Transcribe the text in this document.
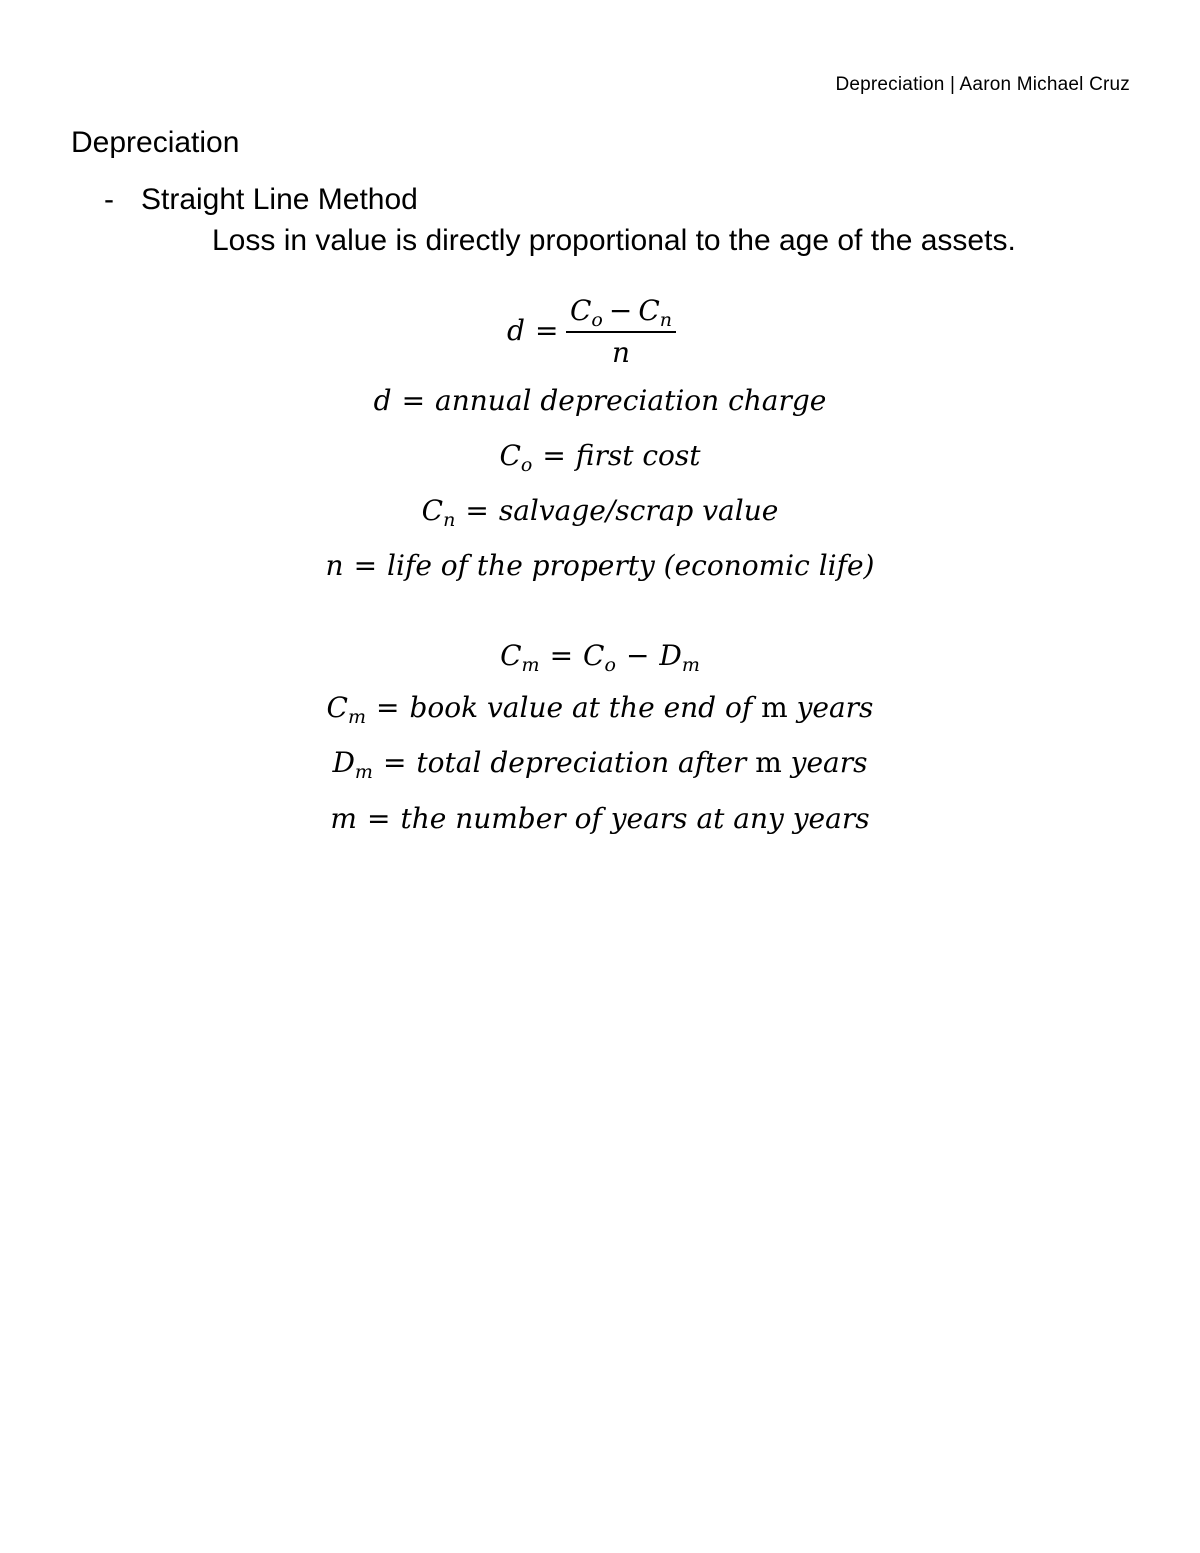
Depreciation | Aaron Michael Cruz
Depreciation
- Straight Line Method
Loss in value is directly proportional to the age of the assets.
d =
$C_o - C_n$
n
d = annual depreciation charge
$C_o$ = first cost
$C_n$ = salvage/scrap value
n = life of the property (economic life)
$C_m = C_o - D_m$
$C_m$ = book value at the end of m years
$D_m$ = total depreciation after m years
m = the number of years at any years
